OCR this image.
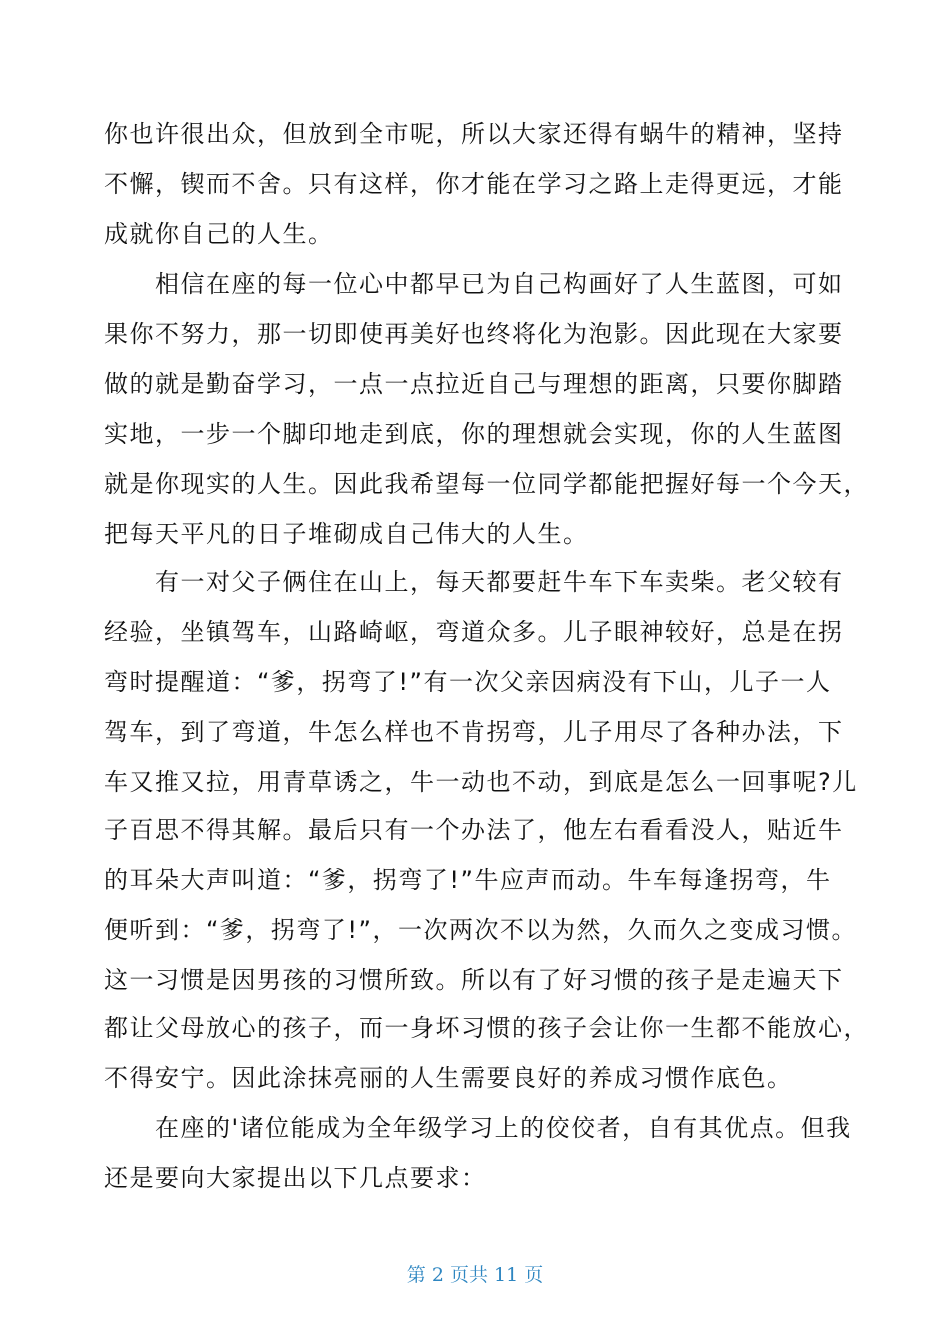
你也许很出众，但放到全市呢，所以大家还得有蜗牛的精神，坚持
不懈，锲而不舍。只有这样，你才能在学习之路上走得更远，才能
成就你自己的人生。
相信在座的每一位心中都早已为自己构画好了人生蓝图，可如
果你不努力，那一切即使再美好也终将化为泡影。因此现在大家要
做的就是勤奋学习，一点一点拉近自己与理想的距离，只要你脚踏
实地，一步一个脚印地走到底，你的理想就会实现，你的人生蓝图
就是你现实的人生。因此我希望每一位同学都能把握好每一个今天，
把每天平凡的日子堆砌成自己伟大的人生。
有一对父子俩住在山上，每天都要赶牛车下车卖柴。老父较有
经验，坐镇驾车，山路崎岖，弯道众多。儿子眼神较好，总是在拐
弯时提醒道：“爹，拐弯了!”有一次父亲因病没有下山，儿子一人
驾车，到了弯道，牛怎么样也不肯拐弯，儿子用尽了各种办法，下
车又推又拉，用青草诱之，牛一动也不动，到底是怎么一回事呢?儿
子百思不得其解。最后只有一个办法了，他左右看看没人，贴近牛
的耳朵大声叫道：“爹，拐弯了!”牛应声而动。牛车每逢拐弯，牛
便听到：“爹，拐弯了!”，一次两次不以为然，久而久之变成习惯。
这一习惯是因男孩的习惯所致。所以有了好习惯的孩子是走遍天下
都让父母放心的孩子，而一身坏习惯的孩子会让你一生都不能放心，
不得安宁。因此涂抹亮丽的人生需要良好的养成习惯作底色。
在座的'诸位能成为全年级学习上的佼佼者，自有其优点。但我
还是要向大家提出以下几点要求：
第 2 页共 11 页
